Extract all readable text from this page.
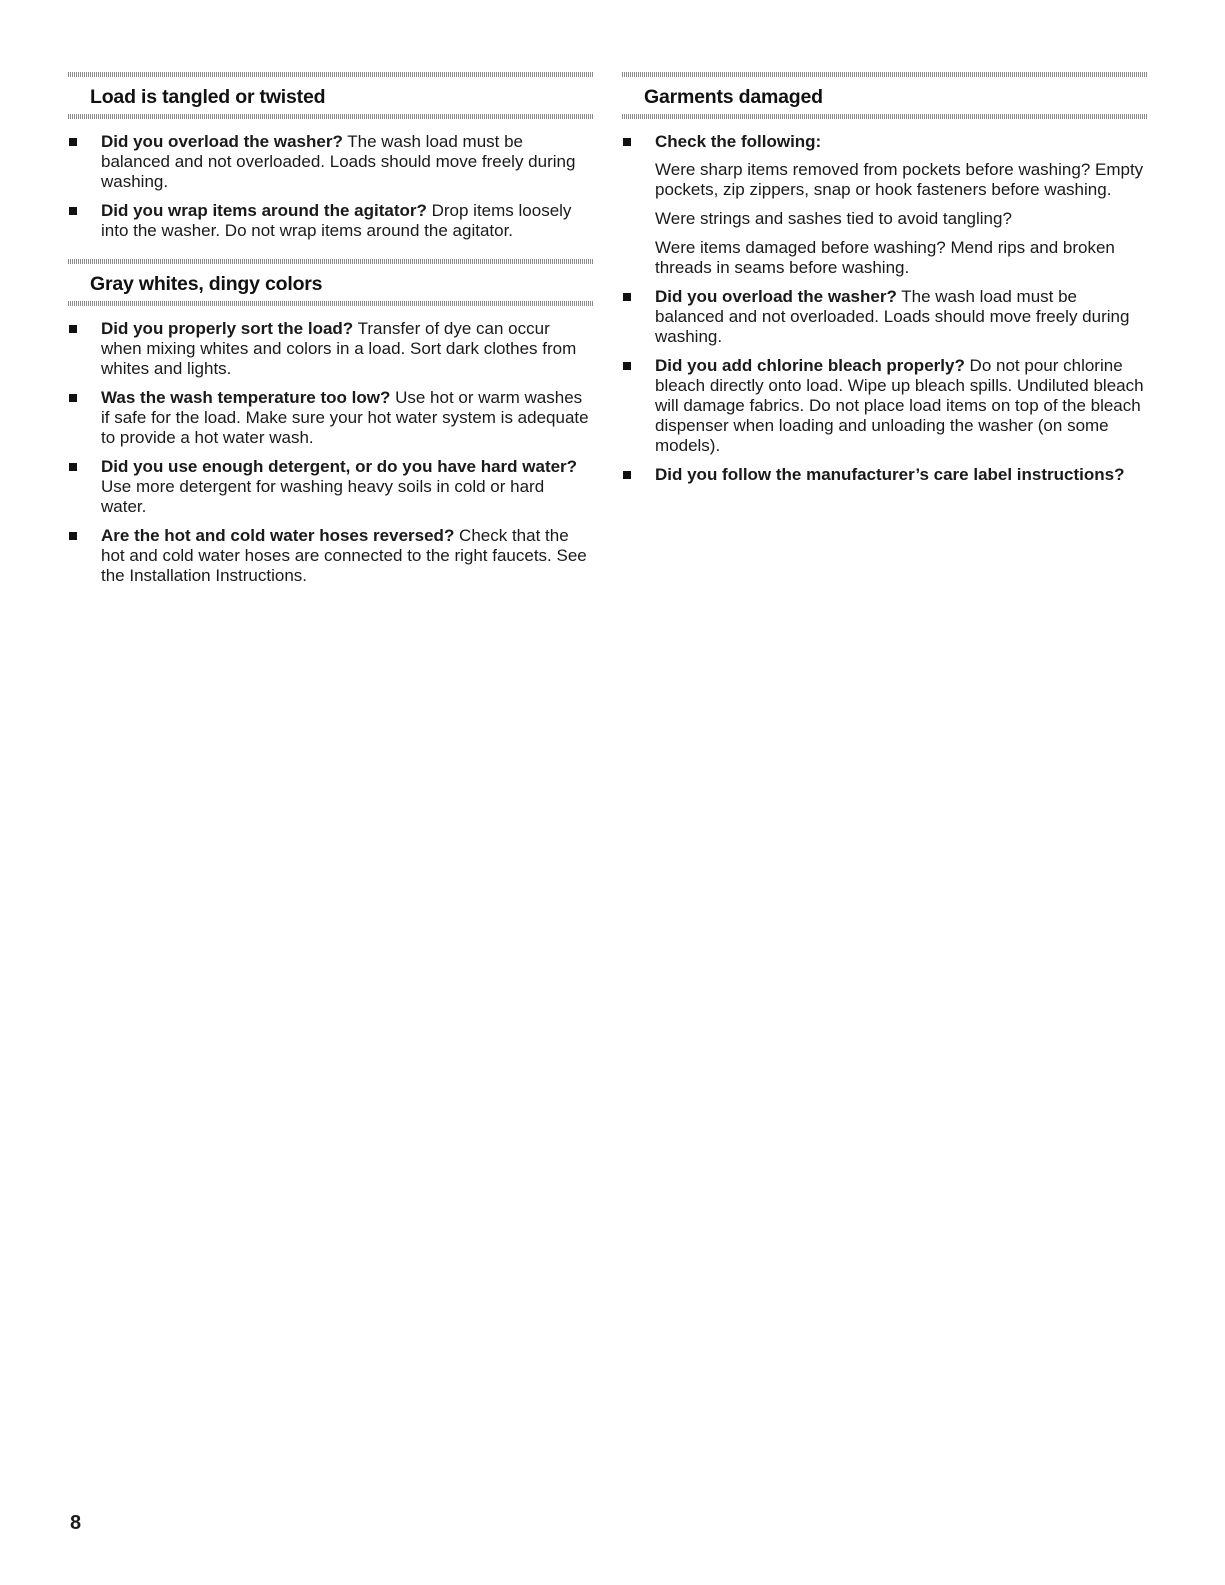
Load is tangled or twisted
Did you overload the washer? The wash load must be balanced and not overloaded. Loads should move freely during washing.
Did you wrap items around the agitator? Drop items loosely into the washer. Do not wrap items around the agitator.
Gray whites, dingy colors
Did you properly sort the load? Transfer of dye can occur when mixing whites and colors in a load. Sort dark clothes from whites and lights.
Was the wash temperature too low? Use hot or warm washes if safe for the load. Make sure your hot water system is adequate to provide a hot water wash.
Did you use enough detergent, or do you have hard water? Use more detergent for washing heavy soils in cold or hard water.
Are the hot and cold water hoses reversed? Check that the hot and cold water hoses are connected to the right faucets. See the Installation Instructions.
Garments damaged
Check the following:

Were sharp items removed from pockets before washing? Empty pockets, zip zippers, snap or hook fasteners before washing.

Were strings and sashes tied to avoid tangling?

Were items damaged before washing? Mend rips and broken threads in seams before washing.

Did you overload the washer? The wash load must be balanced and not overloaded. Loads should move freely during washing.
Did you add chlorine bleach properly? Do not pour chlorine bleach directly onto load. Wipe up bleach spills. Undiluted bleach will damage fabrics. Do not place load items on top of the bleach dispenser when loading and unloading the washer (on some models).
Did you follow the manufacturer’s care label instructions?
8
